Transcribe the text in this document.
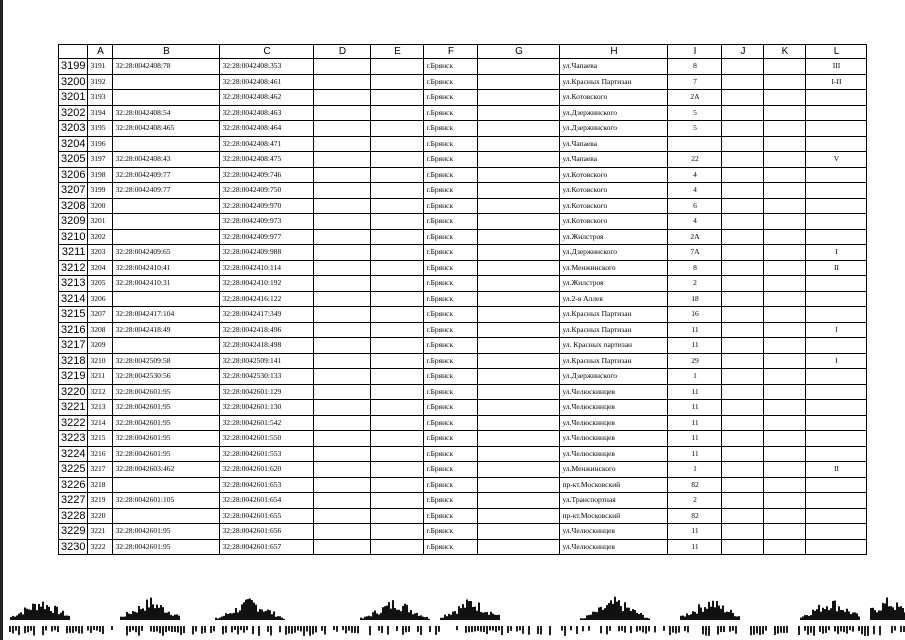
	A	B	C	D	E	F	G	H	I	J	K	L
3199	3191	32:28:0042408:78	32:28:0042408:353			г.Брянск		ул.Чапаева	8			III
3200	3192		32:28:0042408:461			г.Брянск		ул.Красных Партизан	7			I-II
3201	3193		32:28:0042408:462			г.Брянск		ул.Котовского	2А			
3202	3194	32:28:0042408:54	32:28:0042408:463			г.Брянск		ул.Дзержинского	5			
3203	3195	32:28:0042408:465	32:28:0042408:464			г.Брянск		ул.Дзержинского	5			
3204	3196		32:28:0042408:471			г.Брянск		ул.Чапаева				
3205	3197	32:28:0042408:43	32:28:0042408:475			г.Брянск		ул.Чапаева	22			V
3206	3198	32:28:0042409:77	32:28:0042409:746			г.Брянск		ул.Котовского	4			
3207	3199	32:28:0042409:77	32:28:0042409:750			г.Брянск		ул.Котовского	4			
3208	3200		32:28:0042409:970			г.Брянск		ул.Котовского	6			
3209	3201		32:28:0042409:973			г.Брянск		ул.Котовского	4			
3210	3202		32:28:0042409:977			г.Брянск		ул.Жилстроя	2А			
3211	3203	32:28:0042409:65	32:28:0042409:988			г.Брянск		ул.Дзержинского	7А			I
3212	3204	32:28:0042410:41	32:28:0042410:114			г.Брянск		ул.Менжинского	8			II
3213	3205	32:28:0042410:31	32:28:0042410:192			г.Брянск		ул.Жилстроя	2			
3214	3206		32:28:0042416:122			г.Брянск		ул.2-я Аллея	18			
3215	3207	32:28:0042417:104	32:28:0042417:349			г.Брянск		ул.Красных Партизан	16			
3216	3208	32:28:0042418:49	32:28:0042418:496			г.Брянск		ул.Красных Партизан	11			I
3217	3209		32:28:0042418:498			г.Брянск		ул. Красных партизан	11			
3218	3210	32:28:0042509:58	32:28:0042509:141			г.Брянск		ул.Красных Партизан	29			I
3219	3211	32:28:0042530:56	32:28:0042530:133			г.Брянск		ул.Дзержинского	1			
3220	3212	32:28:0042601:95	32:28:0042601:129			г.Брянск		ул.Челюскинцев	11			
3221	3213	32:28:0042601:95	32:28:0042601:130			г.Брянск		ул.Челюскинцев	11			
3222	3214	32:28:0042601:95	32:28:0042601:542			г.Брянск		ул.Челюскинцев	11			
3223	3215	32:28:0042601:95	32:28:0042601:550			г.Брянск		ул.Челюскинцев	11			
3224	3216	32:28:0042601:95	32:28:0042601:553			г.Брянск		ул.Челюскинцев	11			
3225	3217	32:28:0042603:462	32:28:0042601:620			г.Брянск		ул.Менжинского	1			II
3226	3218		32:28:0042601:653			г.Брянск		пр-кт.Московский	82			
3227	3219	32:28:0042601:105	32:28:0042601:654			г.Брянск		ул.Транспортная	2			
3228	3220		32:28:0042601:655			г.Брянск		пр-кт.Московский	82			
3229	3221	32:28:0042601:95	32:28:0042601:656			г.Брянск		ул.Челюскинцев	11			
3230	3222	32:28:0042601:95	32:28:0042601:657			г.Брянск		ул.Челюскинцев	11			
